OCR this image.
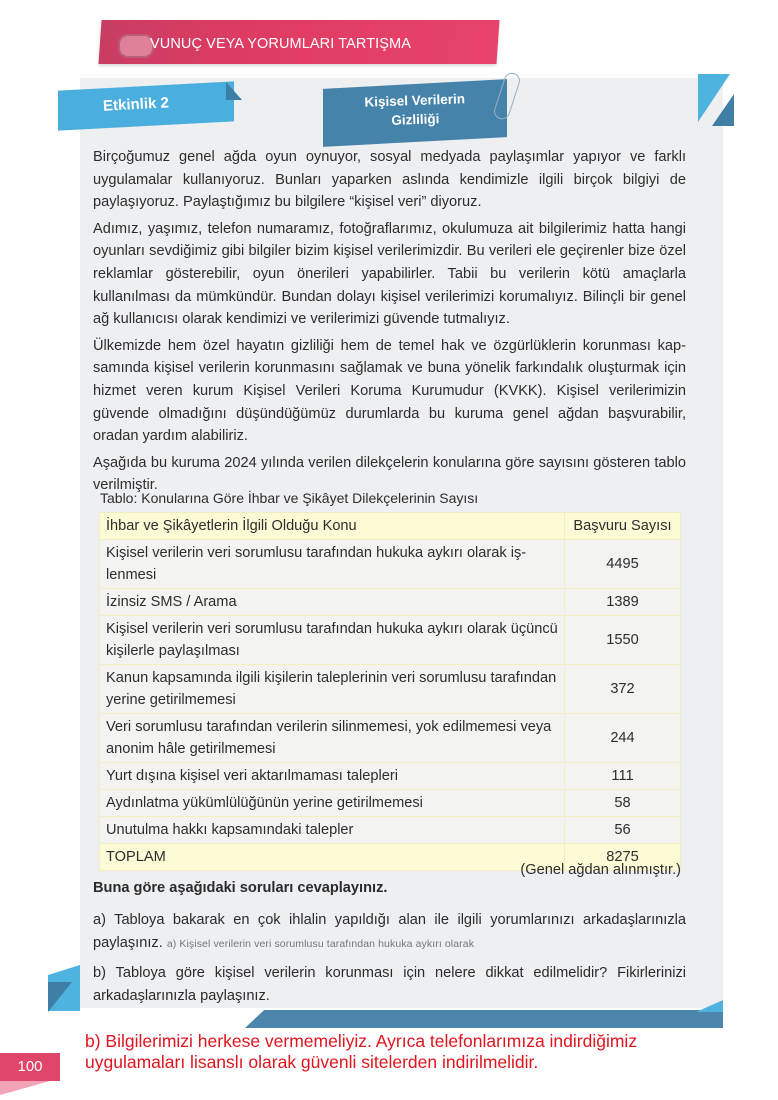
VUNUÇ VEYA YORUMLARI TARTIŞMA
Etkinlik 2	Kişisel Verilerin
Gizliliği

Birçoğumuz genel ağda oyun oynuyor, sosyal medyada paylaşımlar yapıyor ve farklı uygulamalar kullanıyoruz. Bunları yaparken aslında kendimizle ilgili birçok bilgiyi de paylaşıyoruz. Paylaştığımız bu bilgilere “kişisel veri” diyoruz.

Adımız, yaşımız, telefon numaramız, fotoğraflarımız, okulumuza ait bilgilerimiz hatta hangi oyunları sevdiğimiz gibi bilgiler bizim kişisel verilerimizdir. Bu verileri ele geçirenler bize özel reklamlar gösterebilir, oyun önerileri yapabilirler. Tabii bu verilerin kötü amaçlarla kullanılması da mümkündür. Bundan dolayı kişisel verilerimizi korumalıyız. Bilinçli bir genel ağ kullanıcısı olarak kendimizi ve verilerimizi güvende tutmalıyız.

Ülkemizde hem özel hayatın gizliliği hem de temel hak ve özgürlüklerin korunması kapsamında kişisel verilerin korunmasını sağlamak ve buna yönelik farkındalık oluşturmak için hizmet veren kurum Kişisel Verileri Koruma Kurumudur (KVKK). Kişisel verilerimizin güvende olmadığını düşündüğümüz durumlarda bu kuruma genel ağdan başvurabilir, oradan yardım alabiliriz.

Aşağıda bu kuruma 2024 yılında verilen dilekçelerin konularına göre sayısını gösteren tablo verilmiştir.

Tablo: Konularına Göre İhbar ve Şikâyet Dilekçelerinin Sayısı
İhbar ve Şikâyetlerin İlgili Olduğu Konu	Başvuru Sayısı
Kişisel verilerin veri sorumlusu tarafından hukuka aykırı olarak işlenmesi	4495
İzinsiz SMS / Arama	1389
Kişisel verilerin veri sorumlusu tarafından hukuka aykırı olarak üçüncü kişilerle paylaşılması	1550
Kanun kapsamında ilgili kişilerin taleplerinin veri sorumlusu tarafından yerine getirilmemesi	372
Veri sorumlusu tarafından verilerin silinmemesi, yok edilmemesi veya anonim hâle getirilmemesi	244
Yurt dışına kişisel veri aktarılmaması talepleri	111
Aydınlatma yükümlülüğünün yerine getirilmemesi	58
Unutulma hakkı kapsamındaki talepler	56
TOPLAM	8275
(Genel ağdan alınmıştır.)
Buna göre aşağıdaki soruları cevaplayınız.
a) Tabloya bakarak en çok ihlalin yapıldığı alan ile ilgili yorumlarınızı arkadaşlarınızla paylaşınız. a) Kişisel verilerin veri sorumlusu tarafından hukuka aykırı olarak
b) Tabloya göre kişisel verilerin korunması için nelere dikkat edilmelidir? Fikirlerinizi arkadaşlarınızla paylaşınız.
100
b) Bilgilerimizi herkese vermemeliyiz. Ayrıca telefonlarımıza indirdiğimiz uygulamaları lisanslı olarak güvenli sitelerden indirilmelidir.
